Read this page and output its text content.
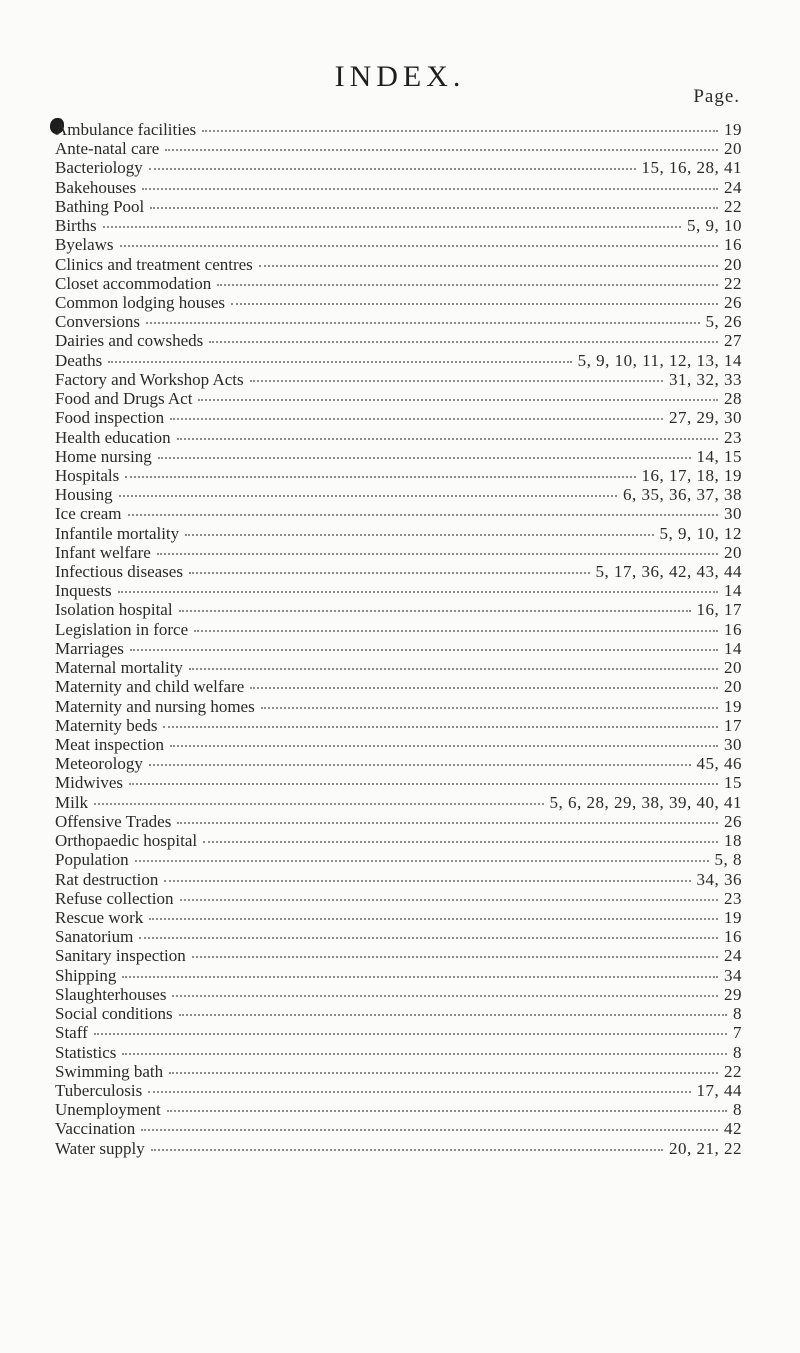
INDEX.
Page.
Ambulance facilities	19
Ante-natal care	20
Bacteriology	15, 16, 28, 41
Bakehouses	24
Bathing Pool	22
Births	5, 9, 10
Byelaws	16
Clinics and treatment centres	20
Closet accommodation	22
Common lodging houses	26
Conversions	5, 26
Dairies and cowsheds	27
Deaths	5, 9, 10, 11, 12, 13, 14
Factory and Workshop Acts	31, 32, 33
Food and Drugs Act	28
Food inspection	27, 29, 30
Health education	23
Home nursing	14, 15
Hospitals	16, 17, 18, 19
Housing	6, 35, 36, 37, 38
Ice cream	30
Infantile mortality	5, 9, 10, 12
Infant welfare	20
Infectious diseases	5, 17, 36, 42, 43, 44
Inquests	14
Isolation hospital	16, 17
Legislation in force	16
Marriages	14
Maternal mortality	20
Maternity and child welfare	20
Maternity and nursing homes	19
Maternity beds	17
Meat inspection	30
Meteorology	45, 46
Midwives	15
Milk	5, 6, 28, 29, 38, 39, 40, 41
Offensive Trades	26
Orthopaedic hospital	18
Population	5, 8
Rat destruction	34, 36
Refuse collection	23
Rescue work	19
Sanatorium	16
Sanitary inspection	24
Shipping	34
Slaughterhouses	29
Social conditions	8
Staff	7
Statistics	8
Swimming bath	22
Tuberculosis	17, 44
Unemployment	8
Vaccination	42
Water supply	20, 21, 22
